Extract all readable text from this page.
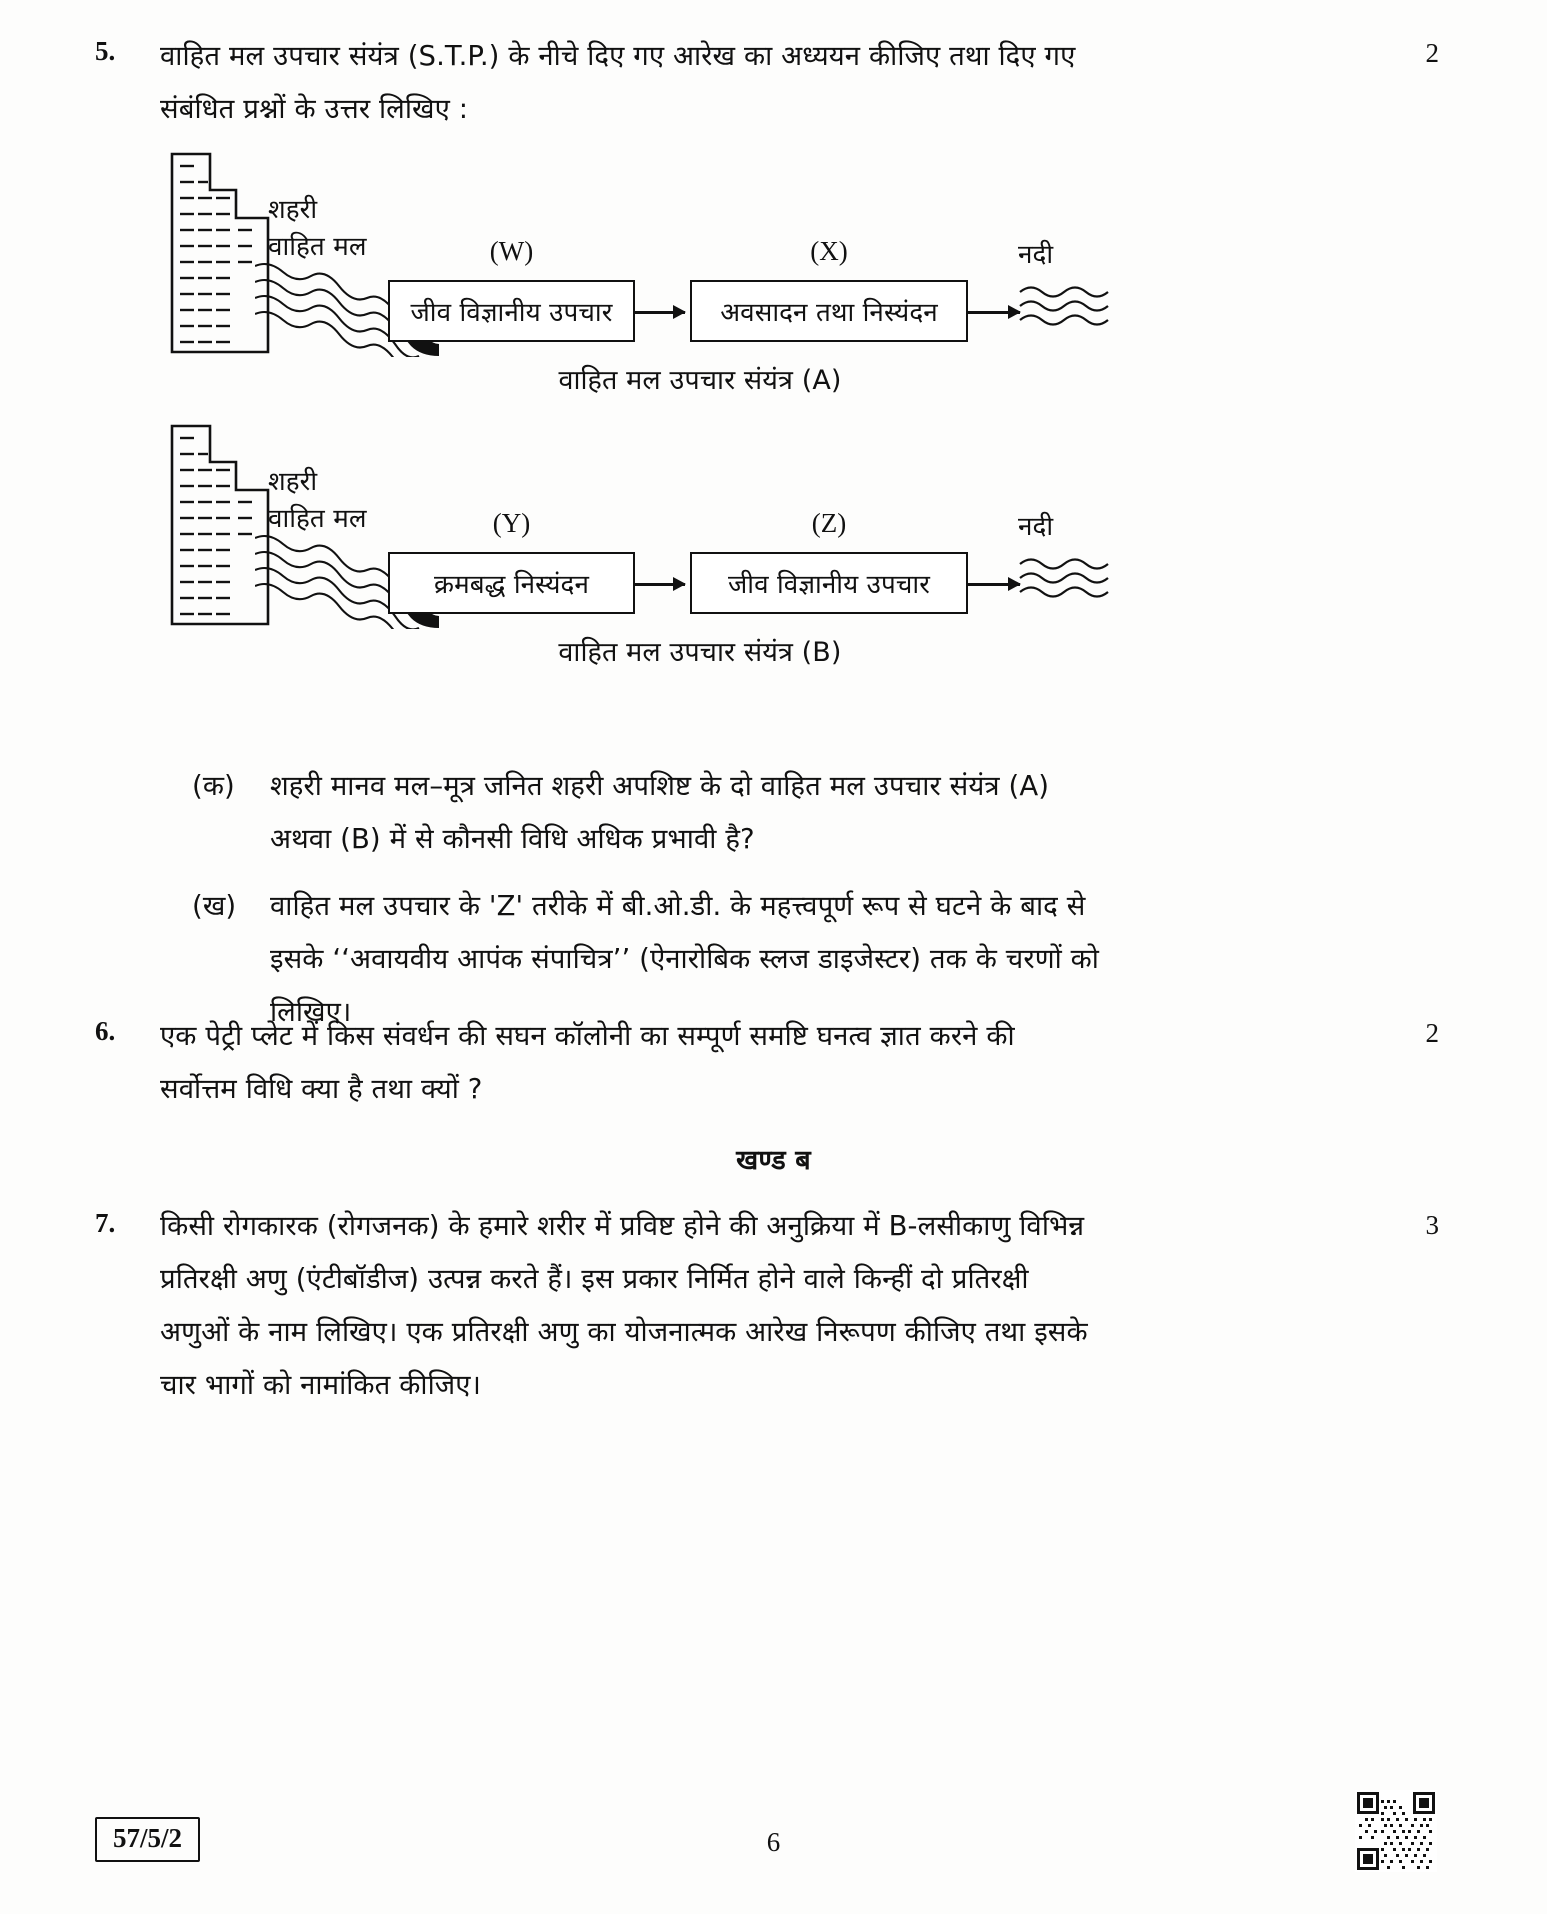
5.	2
वाहित मल उपचार संयंत्र (S.T.P.) के नीचे दिए गए आरेख का अध्ययन कीजिए तथा दिए गए संबंधित प्रश्नों के उत्तर लिखिए :
शहरी
वाहित मल	(W)
जीव विज्ञानीय उपचार
(X)
अवसादन तथा निस्यंदन
नदी
वाहित मल उपचार संयंत्र (A)
शहरी
वाहित मल	(Y)
क्रमबद्ध निस्यंदन
(Z)
जीव विज्ञानीय उपचार
नदी
वाहित मल उपचार संयंत्र (B)
(क) शहरी मानव मल–मूत्र जनित शहरी अपशिष्ट के दो वाहित मल उपचार संयंत्र (A) अथवा (B) में से कौनसी विधि अधिक प्रभावी है?
(ख) वाहित मल उपचार के 'Z' तरीके में बी.ओ.डी. के महत्त्वपूर्ण रूप से घटने के बाद से इसके ‘‘अवायवीय आपंक संपाचित्र’’ (ऐनारोबिक स्लज डाइजेस्टर) तक के चरणों को लिखिए।
6.	2
एक पेट्री प्लेट में किस संवर्धन की सघन कॉलोनी का सम्पूर्ण समष्टि घनत्व ज्ञात करने की सर्वोत्तम विधि क्या है तथा क्यों ?
खण्ड ब
7.	3
किसी रोगकारक (रोगजनक) के हमारे शरीर में प्रविष्ट होने की अनुक्रिया में B-लसीकाणु विभिन्न प्रतिरक्षी अणु (एंटीबॉडीज) उत्पन्न करते हैं। इस प्रकार निर्मित होने वाले किन्हीं दो प्रतिरक्षी अणुओं के नाम लिखिए। एक प्रतिरक्षी अणु का योजनात्मक आरेख निरूपण कीजिए तथा इसके चार भागों को नामांकित कीजिए।
57/5/2	6
